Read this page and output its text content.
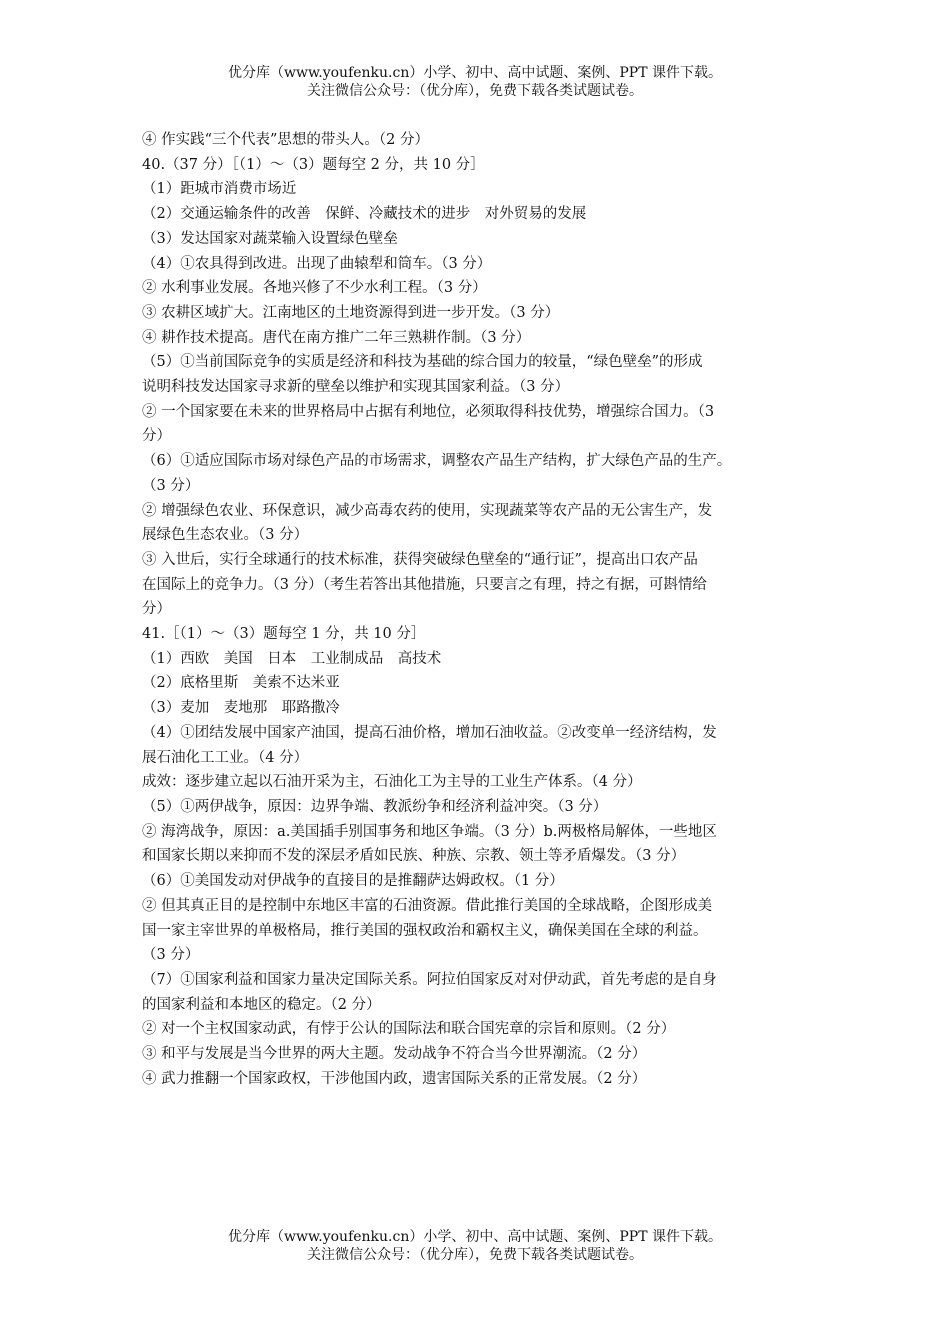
优分库（www.youfenku.cn）小学、初中、高中试题、案例、PPT 课件下载。
关注微信公众号：（优分库），免费下载各类试题试卷。
④ 作实践“三个代表”思想的带头人。（2 分）
40.（37 分）［（1）～（3）题每空 2 分，共 10 分］
（1）距城市消费市场近
（2）交通运输条件的改善　保鲜、冷藏技术的进步　对外贸易的发展
（3）发达国家对蔬菜输入设置绿色壁垒
（4）①农具得到改进。出现了曲辕犁和筒车。（3 分）
② 水利事业发展。各地兴修了不少水利工程。（3 分）
③ 农耕区域扩大。江南地区的土地资源得到进一步开发。（3 分）
④ 耕作技术提高。唐代在南方推广二年三熟耕作制。（3 分）
（5）①当前国际竞争的实质是经济和科技为基础的综合国力的较量，“绿色壁垒”的形成
说明科技发达国家寻求新的壁垒以维护和实现其国家利益。（3 分）
② 一个国家要在未来的世界格局中占据有利地位，必须取得科技优势，增强综合国力。（3
分）
（6）①适应国际市场对绿色产品的市场需求，调整农产品生产结构，扩大绿色产品的生产。
（3 分）
② 增强绿色农业、环保意识，减少高毒农药的使用，实现蔬菜等农产品的无公害生产，发
展绿色生态农业。（3 分）
③ 入世后，实行全球通行的技术标准，获得突破绿色壁垒的“通行证”，提高出口农产品
在国际上的竞争力。（3 分）（考生若答出其他措施，只要言之有理，持之有据，可斟情给
分）
41.［（1）～（3）题每空 1 分，共 10 分］
（1）西欧　美国　日本　工业制成品　高技术
（2）底格里斯　美索不达米亚
（3）麦加　麦地那　耶路撒冷
（4）①团结发展中国家产油国，提高石油价格，增加石油收益。②改变单一经济结构，发
展石油化工工业。（4 分）
成效：逐步建立起以石油开采为主，石油化工为主导的工业生产体系。（4 分）
（5）①两伊战争，原因：边界争端、教派纷争和经济利益冲突。（3 分）
② 海湾战争，原因：a.美国插手别国事务和地区争端。（3 分）b.两极格局解体，一些地区
和国家长期以来抑而不发的深层矛盾如民族、种族、宗教、领土等矛盾爆发。（3 分）
（6）①美国发动对伊战争的直接目的是推翻萨达姆政权。（1 分）
② 但其真正目的是控制中东地区丰富的石油资源。借此推行美国的全球战略，企图形成美
国一家主宰世界的单极格局，推行美国的强权政治和霸权主义，确保美国在全球的利益。
（3 分）
（7）①国家利益和国家力量决定国际关系。阿拉伯国家反对对伊动武，首先考虑的是自身
的国家利益和本地区的稳定。（2 分）
② 对一个主权国家动武，有悖于公认的国际法和联合国宪章的宗旨和原则。（2 分）
③ 和平与发展是当今世界的两大主题。发动战争不符合当今世界潮流。（2 分）
④ 武力推翻一个国家政权，干涉他国内政，遗害国际关系的正常发展。（2 分）
优分库（www.youfenku.cn）小学、初中、高中试题、案例、PPT 课件下载。
关注微信公众号：（优分库），免费下载各类试题试卷。
